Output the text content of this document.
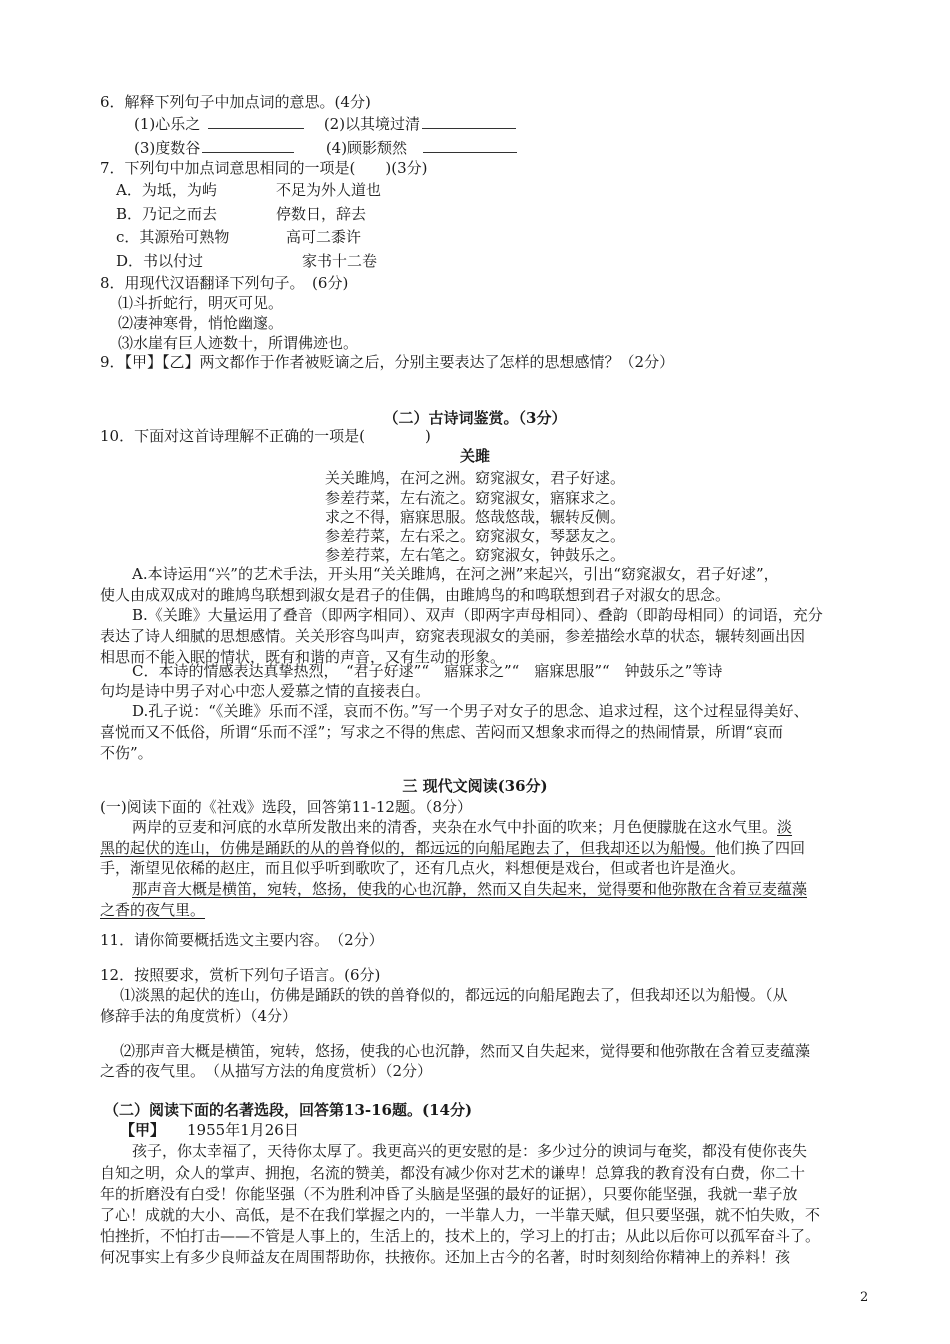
6．解释下列句子中加点词的意思。(4分)
(1)心乐之	(2)以其境过清
(3)度数谷	(4)顾影颓然
7．下列句中加点词意思相同的一项是(　　)(3分)
A．为坻，为屿	不足为外人道也
B．乃记之而去	停数日，辞去
c．其源殆可熟物	高可二黍许
D．书以付过	家书十二卷
8．用现代汉语翻译下列句子。　(6分)
⑴斗折蛇行，明灭可见。
⑵凄神寒骨，悄怆幽邃。
⑶水崖有巨人迹数十，所谓佛迹也。
9．【甲】【乙】两文都作于作者被贬谪之后，分别主要表达了怎样的思想感情？（2分）
（二）古诗词鉴赏。（3分）
10．下面对这首诗理解不正确的一项是(　　　　)
关雎
关关雎鸠，在河之洲。窈窕淑女，君子好逑。
参差荇菜，左右流之。窈窕淑女，寤寐求之。
求之不得，寤寐思服。悠哉悠哉，辗转反侧。
参差荇菜，左右采之。窈窕淑女，琴瑟友之。
参差荇菜，左右笔之。窈窕淑女，钟鼓乐之。
A.本诗运用“兴”的艺术手法，开头用“关关雎鸠，在河之洲”来起兴，引出“窈窕淑女，君子好逑”，
使人由成双成对的雎鸠鸟联想到淑女是君子的佳偶，由雎鸠鸟的和鸣联想到君子对淑女的思念。
B.《关雎》大量运用了叠音（即两字相同）、双声（即两字声母相同）、叠韵（即韵母相同）的词语，充分
表达了诗人细腻的思想感情。关关形容鸟叫声，窈窕表现淑女的美丽，参差描绘水草的状态，辗转刻画出因
相思而不能入眠的情状，既有和谐的声音，又有生动的形象。
C．本诗的情感表达真挚热烈，　“君子好逑”“　寤寐求之”“　寤寐思服”“　钟鼓乐之”等诗
句均是诗中男子对心中恋人爱慕之情的直接表白。
D.孔子说：“《关雎》乐而不淫，哀而不伤。”写一个男子对女子的思念、追求过程，这个过程显得美好、
喜悦而又不低俗，所谓“乐而不淫”；写求之不得的焦虑、苦闷而又想象求而得之的热闹情景，所谓“哀而
不伤”。
三 现代文阅读(36分)
(一)阅读下面的《社戏》选段，回答第11-12题。（8分）
两岸的豆麦和河底的水草所发散出来的清香，夹杂在水气中扑面的吹来；月色便朦胧在这水气里。淡
黑的起伏的连山，仿佛是踊跃的从的兽脊似的，都远远的向船尾跑去了，但我却还以为船慢。他们换了四回
手，渐望见依稀的赵庄，而且似乎听到歌吹了，还有几点火，料想便是戏台，但或者也许是渔火。
那声音大概是横笛，宛转，悠扬，使我的心也沉静，然而又自失起来，觉得要和他弥散在含着豆麦蕴藻
之香的夜气里。
11．请你简要概括选文主要内容。　（2分）
12．按照要求，赏析下列句子语言。(6分)
⑴淡黑的起伏的连山，仿佛是踊跃的铁的兽脊似的，都远远的向船尾跑去了，但我却还以为船慢。（从
修辞手法的角度赏析）（4分）
⑵那声音大概是横笛，宛转，悠扬，使我的心也沉静，然而又自失起来，觉得要和他弥散在含着豆麦蕴藻
之香的夜气里。　（从描写方法的角度赏析）（2分）
（二）阅读下面的名著选段，回答第13-16题。(14分)
【甲】 1955年1月26日
孩子，你太幸福了，天待你太厚了。我更高兴的更安慰的是：多少过分的谀词与奄奖，都没有使你丧失
自知之明，众人的掌声、拥抱，名流的赞美，都没有减少你对艺术的谦卑！总算我的教育没有白费，你二十
年的折磨没有白受！你能坚强（不为胜利冲昏了头脑是坚强的最好的证据），只要你能坚强，我就一辈子放
了心！成就的大小、高低，是不在我们掌握之内的，一半靠人力，一半靠天赋，但只要坚强，就不怕失败，不
怕挫折，不怕打击——不管是人事上的，生活上的，技术上的，学习上的打击；从此以后你可以孤军奋斗了。
何况事实上有多少良师益友在周围帮助你，扶掖你。还加上古今的名著，时时刻刻给你精神上的养料！孩
2
